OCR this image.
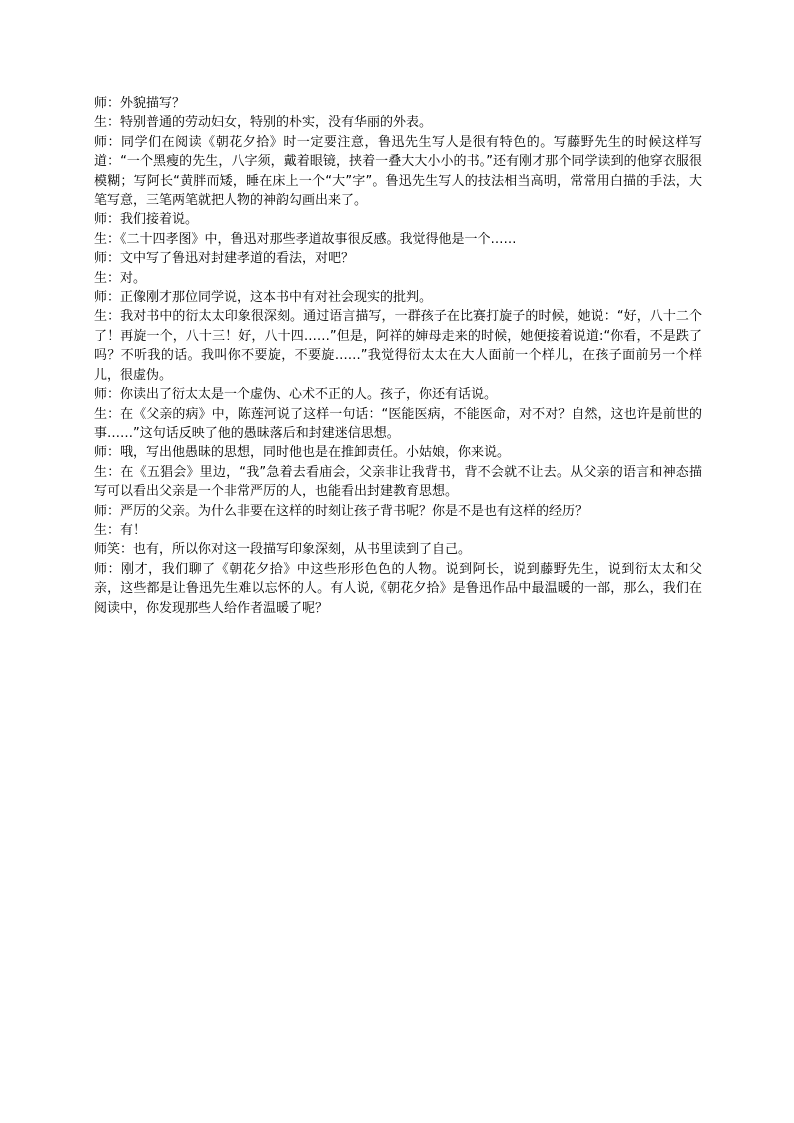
师：外貌描写？

生：特别普通的劳动妇女，特别的朴实，没有华丽的外表。

师：同学们在阅读《朝花夕拾》时一定要注意，鲁迅先生写人是很有特色的。写藤野先生的时候这样写道：“一个黑瘦的先生，八字须，戴着眼镜，挟着一叠大大小小的书。”还有刚才那个同学读到的他穿衣服很模糊；写阿长“黄胖而矮，睡在床上一个“大”字”。鲁迅先生写人的技法相当高明，常常用白描的手法，大笔写意，三笔两笔就把人物的神韵勾画出来了。

师：我们接着说。

生：《二十四孝图》中，鲁迅对那些孝道故事很反感。我觉得他是一个……

师：文中写了鲁迅对封建孝道的看法，对吧？

生：对。

师：正像刚才那位同学说，这本书中有对社会现实的批判。

生：我对书中的衍太太印象很深刻。通过语言描写，一群孩子在比赛打旋子的时候，她说：“好，八十二个了！再旋一个，八十三！好，八十四……”但是，阿祥的婶母走来的时候，她便接着说道:“你看，不是跌了吗？不听我的话。我叫你不要旋，不要旋……”我觉得衍太太在大人面前一个样儿，在孩子面前另一个样儿，很虚伪。

师：你读出了衍太太是一个虚伪、心术不正的人。孩子，你还有话说。

生：在《父亲的病》中，陈莲河说了这样一句话：“医能医病，不能医命，对不对？自然，这也许是前世的事……”这句话反映了他的愚昧落后和封建迷信思想。

师：哦，写出他愚昧的思想，同时他也是在推卸责任。小姑娘，你来说。

生：在《五猖会》里边，“我”急着去看庙会，父亲非让我背书，背不会就不让去。从父亲的语言和神态描写可以看出父亲是一个非常严厉的人，也能看出封建教育思想。

师：严厉的父亲。为什么非要在这样的时刻让孩子背书呢？你是不是也有这样的经历？

生：有！

师笑：也有，所以你对这一段描写印象深刻，从书里读到了自己。

师：刚才，我们聊了《朝花夕拾》中这些形形色色的人物。说到阿长，说到藤野先生，说到衍太太和父亲，这些都是让鲁迅先生难以忘怀的人。有人说,《朝花夕拾》是鲁迅作品中最温暖的一部，那么，我们在阅读中，你发现那些人给作者温暖了呢？
